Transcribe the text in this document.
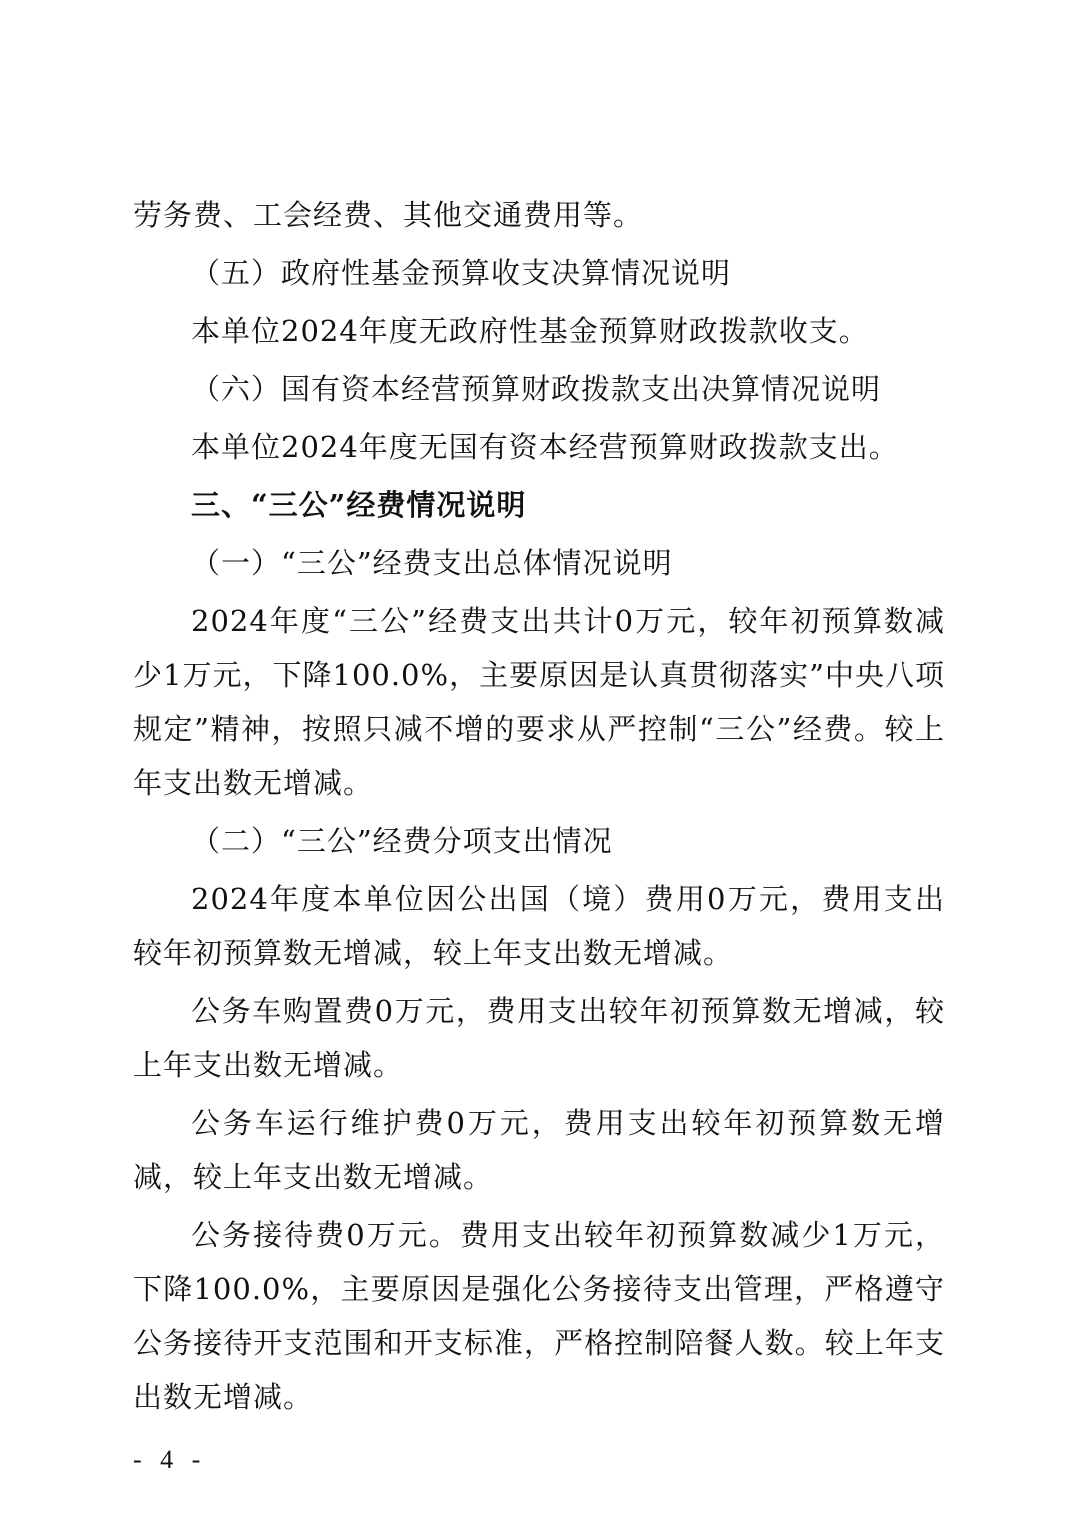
劳务费、工会经费、其他交通费用等。

（五）政府性基金预算收支决算情况说明

本单位2024年度无政府性基金预算财政拨款收支。

（六）国有资本经营预算财政拨款支出决算情况说明

本单位2024年度无国有资本经营预算财政拨款支出。

三、“三公”经费情况说明

（一）“三公”经费支出总体情况说明

2024年度“三公”经费支出共计0万元，较年初预算数减少1万元，下降100.0%，主要原因是认真贯彻落实”中央八项规定”精神，按照只减不增的要求从严控制“三公”经费。较上年支出数无增减。

（二）“三公”经费分项支出情况

2024年度本单位因公出国（境）费用0万元，费用支出较年初预算数无增减，较上年支出数无增减。

公务车购置费0万元，费用支出较年初预算数无增减，较上年支出数无增减。

公务车运行维护费0万元，费用支出较年初预算数无增减，较上年支出数无增减。

公务接待费0万元。费用支出较年初预算数减少1万元，下降100.0%，主要原因是强化公务接待支出管理，严格遵守公务接待开支范围和开支标准，严格控制陪餐人数。较上年支出数无增减。

- 4 -
